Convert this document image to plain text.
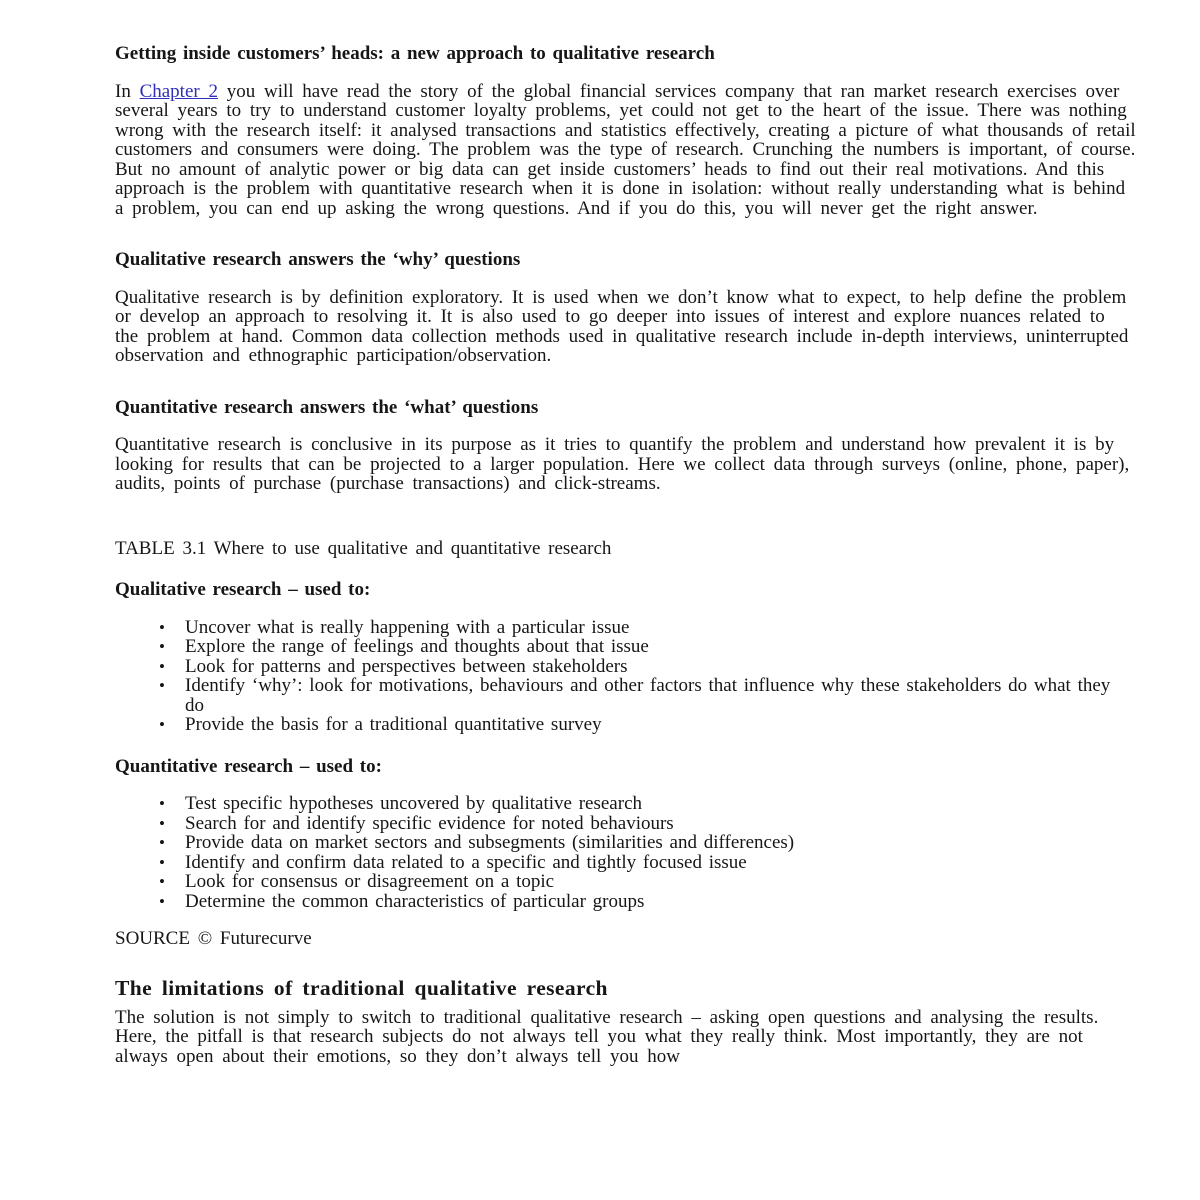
Getting inside customers’ heads: a new approach to qualitative research

In Chapter 2 you will have read the story of the global financial services company that ran market research exercises over several years to try to understand customer loyalty problems, yet could not get to the heart of the issue. There was nothing wrong with the research itself: it analysed transactions and statistics effectively, creating a picture of what thousands of retail customers and consumers were doing. The problem was the type of research. Crunching the numbers is important, of course. But no amount of analytic power or big data can get inside customers’ heads to find out their real motivations. And this approach is the problem with quantitative research when it is done in isolation: without really understanding what is behind a problem, you can end up asking the wrong questions. And if you do this, you will never get the right answer.

Qualitative research answers the ‘why’ questions

Qualitative research is by definition exploratory. It is used when we don’t know what to expect, to help define the problem or develop an approach to resolving it. It is also used to go deeper into issues of interest and explore nuances related to the problem at hand. Common data collection methods used in qualitative research include in-depth interviews, uninterrupted observation and ethnographic participation/observation.

Quantitative research answers the ‘what’ questions

Quantitative research is conclusive in its purpose as it tries to quantify the problem and understand how prevalent it is by looking for results that can be projected to a larger population. Here we collect data through surveys (online, phone, paper), audits, points of purchase (purchase transactions) and click-streams.

TABLE 3.1 Where to use qualitative and quantitative research

Qualitative research – used to:
• Uncover what is really happening with a particular issue
• Explore the range of feelings and thoughts about that issue
• Look for patterns and perspectives between stakeholders
• Identify ‘why’: look for motivations, behaviours and other factors that influence why these stakeholders do what they do
• Provide the basis for a traditional quantitative survey
Quantitative research – used to:
• Test specific hypotheses uncovered by qualitative research
• Search for and identify specific evidence for noted behaviours
• Provide data on market sectors and subsegments (similarities and differences)
• Identify and confirm data related to a specific and tightly focused issue
• Look for consensus or disagreement on a topic
• Determine the common characteristics of particular groups

SOURCE © Futurecurve

The limitations of traditional qualitative research

The solution is not simply to switch to traditional qualitative research – asking open questions and analysing the results. Here, the pitfall is that research subjects do not always tell you what they really think. Most importantly, they are not always open about their emotions, so they don’t always tell you how
